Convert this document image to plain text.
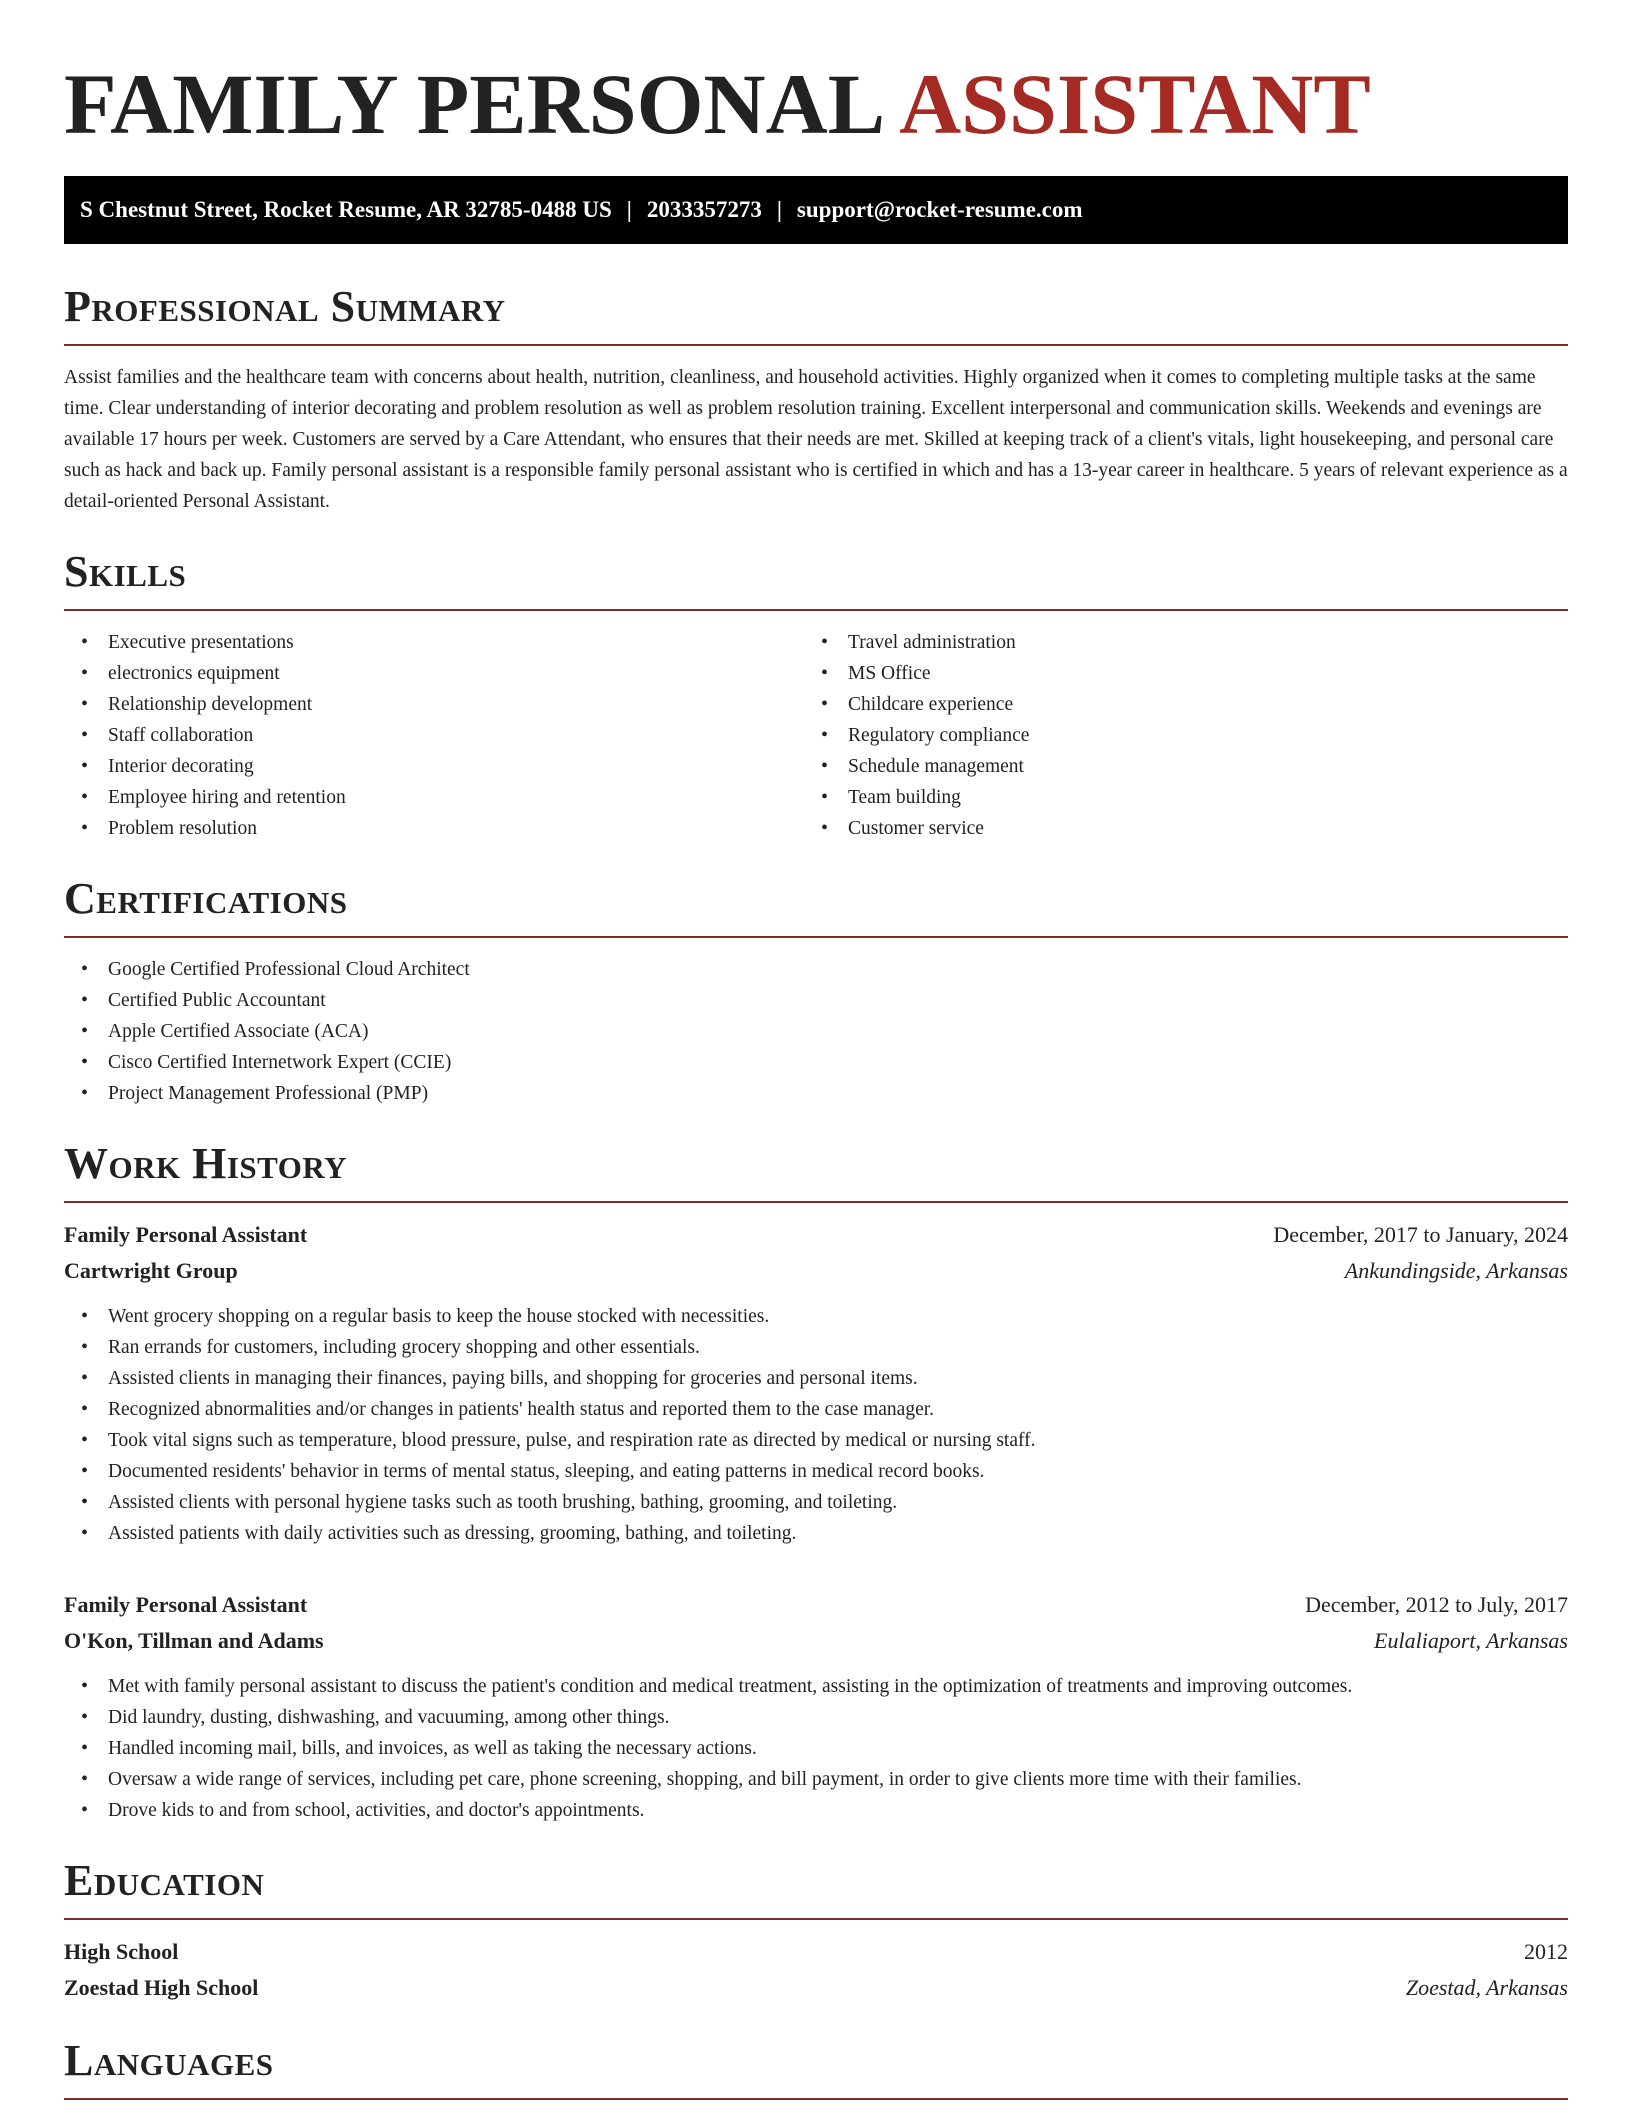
FAMILY PERSONAL ASSISTANT
S Chestnut Street, Rocket Resume, AR 32785-0488 US | 2033357273 | support@rocket-resume.com
Professional Summary

Assist families and the healthcare team with concerns about health, nutrition, cleanliness, and household activities. Highly organized when it comes to completing multiple tasks at the same time. Clear understanding of interior decorating and problem resolution as well as problem resolution training. Excellent interpersonal and communication skills. Weekends and evenings are available 17 hours per week. Customers are served by a Care Attendant, who ensures that their needs are met. Skilled at keeping track of a client's vitals, light housekeeping, and personal care such as hack and back up. Family personal assistant is a responsible family personal assistant who is certified in which and has a 13-year career in healthcare. 5 years of relevant experience as a detail-oriented Personal Assistant.

Skills
• Executive presentations
• electronics equipment
• Relationship development
• Staff collaboration
• Interior decorating
• Employee hiring and retention
• Problem resolution
• Travel administration
• MS Office
• Childcare experience
• Regulatory compliance
• Schedule management
• Team building
• Customer service
Certifications
• Google Certified Professional Cloud Architect
• Certified Public Accountant
• Apple Certified Associate (ACA)
• Cisco Certified Internetwork Expert (CCIE)
• Project Management Professional (PMP)
Work History
Family Personal Assistant	December, 2017 to January, 2024
Cartwright Group	Ankundingside, Arkansas
• Went grocery shopping on a regular basis to keep the house stocked with necessities.
• Ran errands for customers, including grocery shopping and other essentials.
• Assisted clients in managing their finances, paying bills, and shopping for groceries and personal items.
• Recognized abnormalities and/or changes in patients' health status and reported them to the case manager.
• Took vital signs such as temperature, blood pressure, pulse, and respiration rate as directed by medical or nursing staff.
• Documented residents' behavior in terms of mental status, sleeping, and eating patterns in medical record books.
• Assisted clients with personal hygiene tasks such as tooth brushing, bathing, grooming, and toileting.
• Assisted patients with daily activities such as dressing, grooming, bathing, and toileting.
Family Personal Assistant	December, 2012 to July, 2017
O'Kon, Tillman and Adams	Eulaliaport, Arkansas
• Met with family personal assistant to discuss the patient's condition and medical treatment, assisting in the optimization of treatments and improving outcomes.
• Did laundry, dusting, dishwashing, and vacuuming, among other things.
• Handled incoming mail, bills, and invoices, as well as taking the necessary actions.
• Oversaw a wide range of services, including pet care, phone screening, shopping, and bill payment, in order to give clients more time with their families.
• Drove kids to and from school, activities, and doctor's appointments.
Education
High School	2012
Zoestad High School	Zoestad, Arkansas
Languages
